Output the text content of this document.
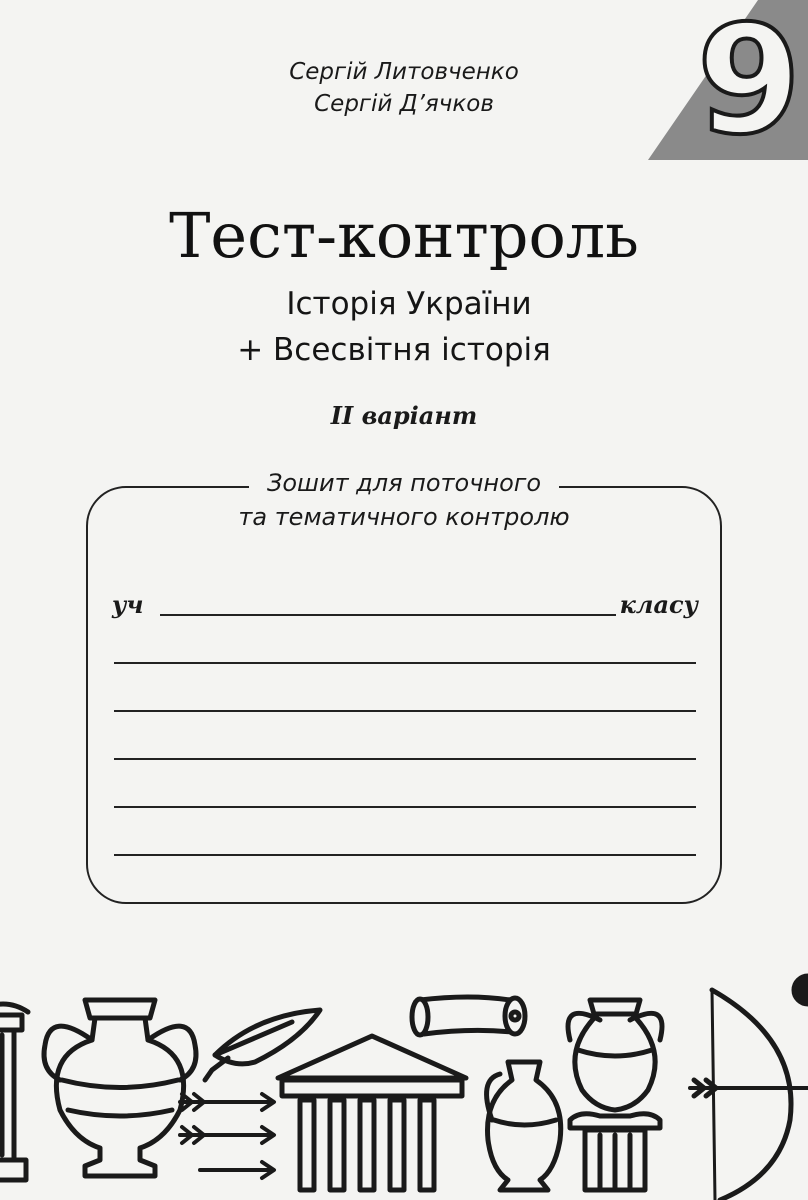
9
Сергій Литовченко
Сергій Д’ячков
Тест-контроль
Історія України
+ Всесвітня історія
II варіант
Зошит для поточного
та тематичного контролю
уч	класу
